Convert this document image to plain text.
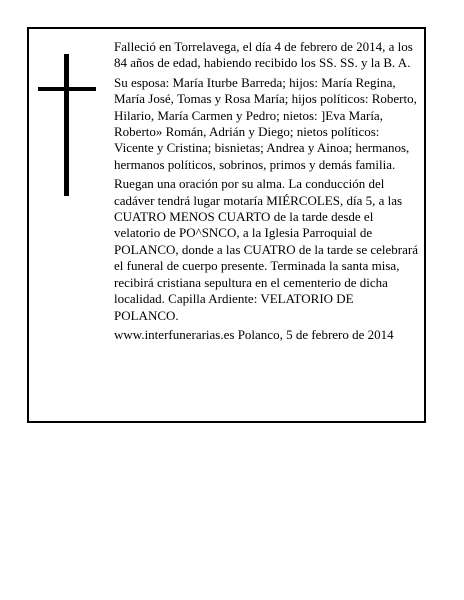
Falleció en Torrelavega, el día 4 de febrero de 2014, a los 84 años de edad, habiendo recibido los SS. SS. y la B. A.

Su esposa: María Iturbe Barreda; hijos: María Regina, María José, Tomas y Rosa María; hijos políticos: Roberto, Hilario, María Carmen y Pedro; nietos: ]Eva María, Roberto» Román, Adrián y Diego; nietos políticos: Vicente y Cristina; bisnietas; Andrea y Ainoa; hermanos, hermanos políticos, sobrinos, primos y demás familia.

Ruegan una oración por su alma. La conducción del cadáver tendrá lugar motaría MIÉRCOLES, día 5, a las CUATRO MENOS CUARTO de la tarde desde el velatorio de PO^SNCO, a la Iglesia Parroquial de POLANCO, donde a las CUATRO de la tarde se celebrará el funeral de cuerpo presente. Terminada la santa misa, recibirá cristiana sepultura en el cementerio de dicha localidad. Capilla Ardiente: VELATORIO DE POLANCO.

www.interfunerarias.es Polanco, 5 de febrero de 2014
